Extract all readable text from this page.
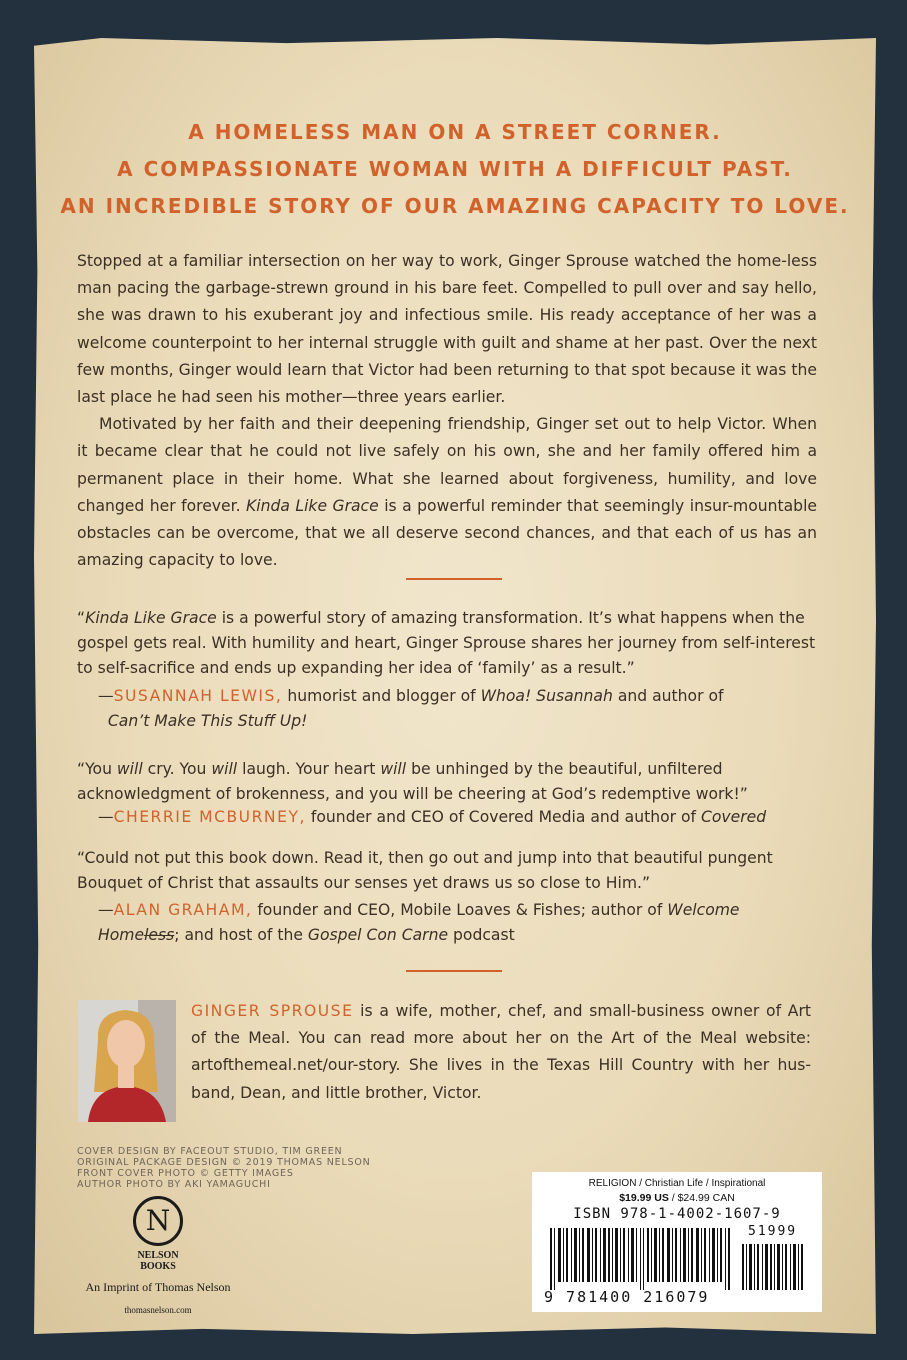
A HOMELESS MAN ON A STREET CORNER.
A COMPASSIONATE WOMAN WITH A DIFFICULT PAST.
AN INCREDIBLE STORY OF OUR AMAZING CAPACITY TO LOVE.

Stopped at a familiar intersection on her way to work, Ginger Sprouse watched the home-less man pacing the garbage-strewn ground in his bare feet. Compelled to pull over and say hello, she was drawn to his exuberant joy and infectious smile. His ready acceptance of her was a welcome counterpoint to her internal struggle with guilt and shame at her past. Over the next few months, Ginger would learn that Victor had been returning to that spot because it was the last place he had seen his mother—three years earlier.

Motivated by her faith and their deepening friendship, Ginger set out to help Victor. When it became clear that he could not live safely on his own, she and her family offered him a permanent place in their home. What she learned about forgiveness, humility, and love changed her forever. Kinda Like Grace is a powerful reminder that seemingly insur-mountable obstacles can be overcome, that we all deserve second chances, and that each of us has an amazing capacity to love.

“Kinda Like Grace is a powerful story of amazing transformation. It’s what happens when the gospel gets real. With humility and heart, Ginger Sprouse shares her journey from self-interest to self-sacrifice and ends up expanding her idea of ‘family’ as a result.”
—SUSANNAH LEWIS, humorist and blogger of Whoa! Susannah and author of
Can’t Make This Stuff Up!
“You will cry. You will laugh. Your heart will be unhinged by the beautiful, unfiltered acknowledgment of brokenness, and you will be cheering at God’s redemptive work!”
—CHERRIE MCBURNEY, founder and CEO of Covered Media and author of Covered
“Could not put this book down. Read it, then go out and jump into that beautiful pungent Bouquet of Christ that assaults our senses yet draws us so close to Him.”
—ALAN GRAHAM, founder and CEO, Mobile Loaves & Fishes; author of Welcome Homeless; and host of the Gospel Con Carne podcast
GINGER SPROUSE is a wife, mother, chef, and small-business owner of Art of the Meal. You can read more about her on the Art of the Meal website: artofthemeal.net/our-story. She lives in the Texas Hill Country with her hus-band, Dean, and little brother, Victor.
COVER DESIGN BY FACEOUT STUDIO, TIM GREEN
ORIGINAL PACKAGE DESIGN © 2019 THOMAS NELSON
FRONT COVER PHOTO © GETTY IMAGES
AUTHOR PHOTO BY AKI YAMAGUCHI
N
NELSON
BOOKS
An Imprint of Thomas Nelson
thomasnelson.com
RELIGION / Christian Life / Inspirational
$19.99 US / $24.99 CAN
ISBN 978-1-4002-1607-9
51999
9 781400 216079
